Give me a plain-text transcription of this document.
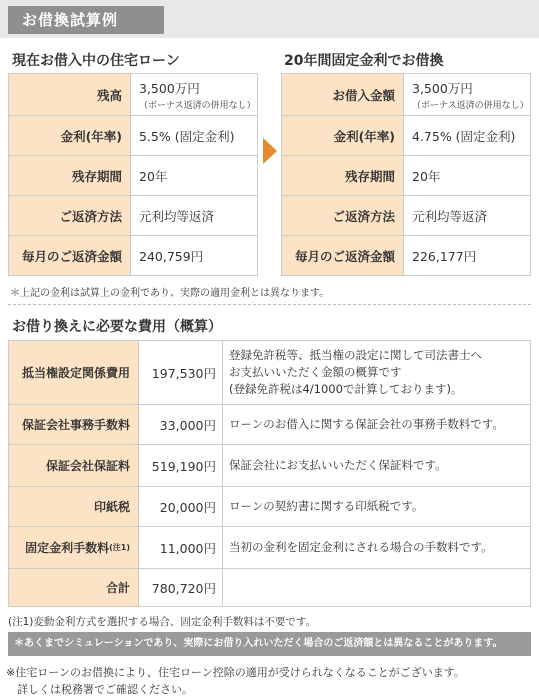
お借換試算例
現在お借入中の住宅ローン
残高	3,500万円
（ボーナス返済の併用なし）

金利(年率)	5.5% (固定金利)
残存期間	20年
ご返済方法	元利均等返済
毎月のご返済金額	240,759円
20年間固定金利でお借換
お借入金額	3,500万円
（ボーナス返済の併用なし）

金利(年率)	4.75% (固定金利)
残存期間	20年
ご返済方法	元利均等返済
毎月のご返済金額	226,177円
＊上記の金利は試算上の金利であり、実際の適用金利とは異なります。
お借り換えに必要な費用（概算）
抵当権設定関係費用	197,530円	登録免許税等、抵当権の設定に関して司法書士へ
お支払いいただく金額の概算です
(登録免許税は4/1000で計算しております)。

保証会社事務手数料	33,000円	ローンのお借入に関する保証会社の事務手数料です。
保証会社保証料	519,190円	保証会社にお支払いいただく保証料です。
印紙税	20,000円	ローンの契約書に関する印紙税です。
固定金利手数料$^{(注1)}$	11,000円	当初の金利を固定金利にされる場合の手数料です。
合計	780,720円	
(注1)変動金利方式を選択する場合、固定金利手数料は不要です。
＊あくまでシミュレーションであり、実際にお借り入れいただく場合のご返済額とは異なることがあります。
※住宅ローンのお借換により、住宅ローン控除の適用が受けられなくなることがございます。
詳しくは税務署でご確認ください。
